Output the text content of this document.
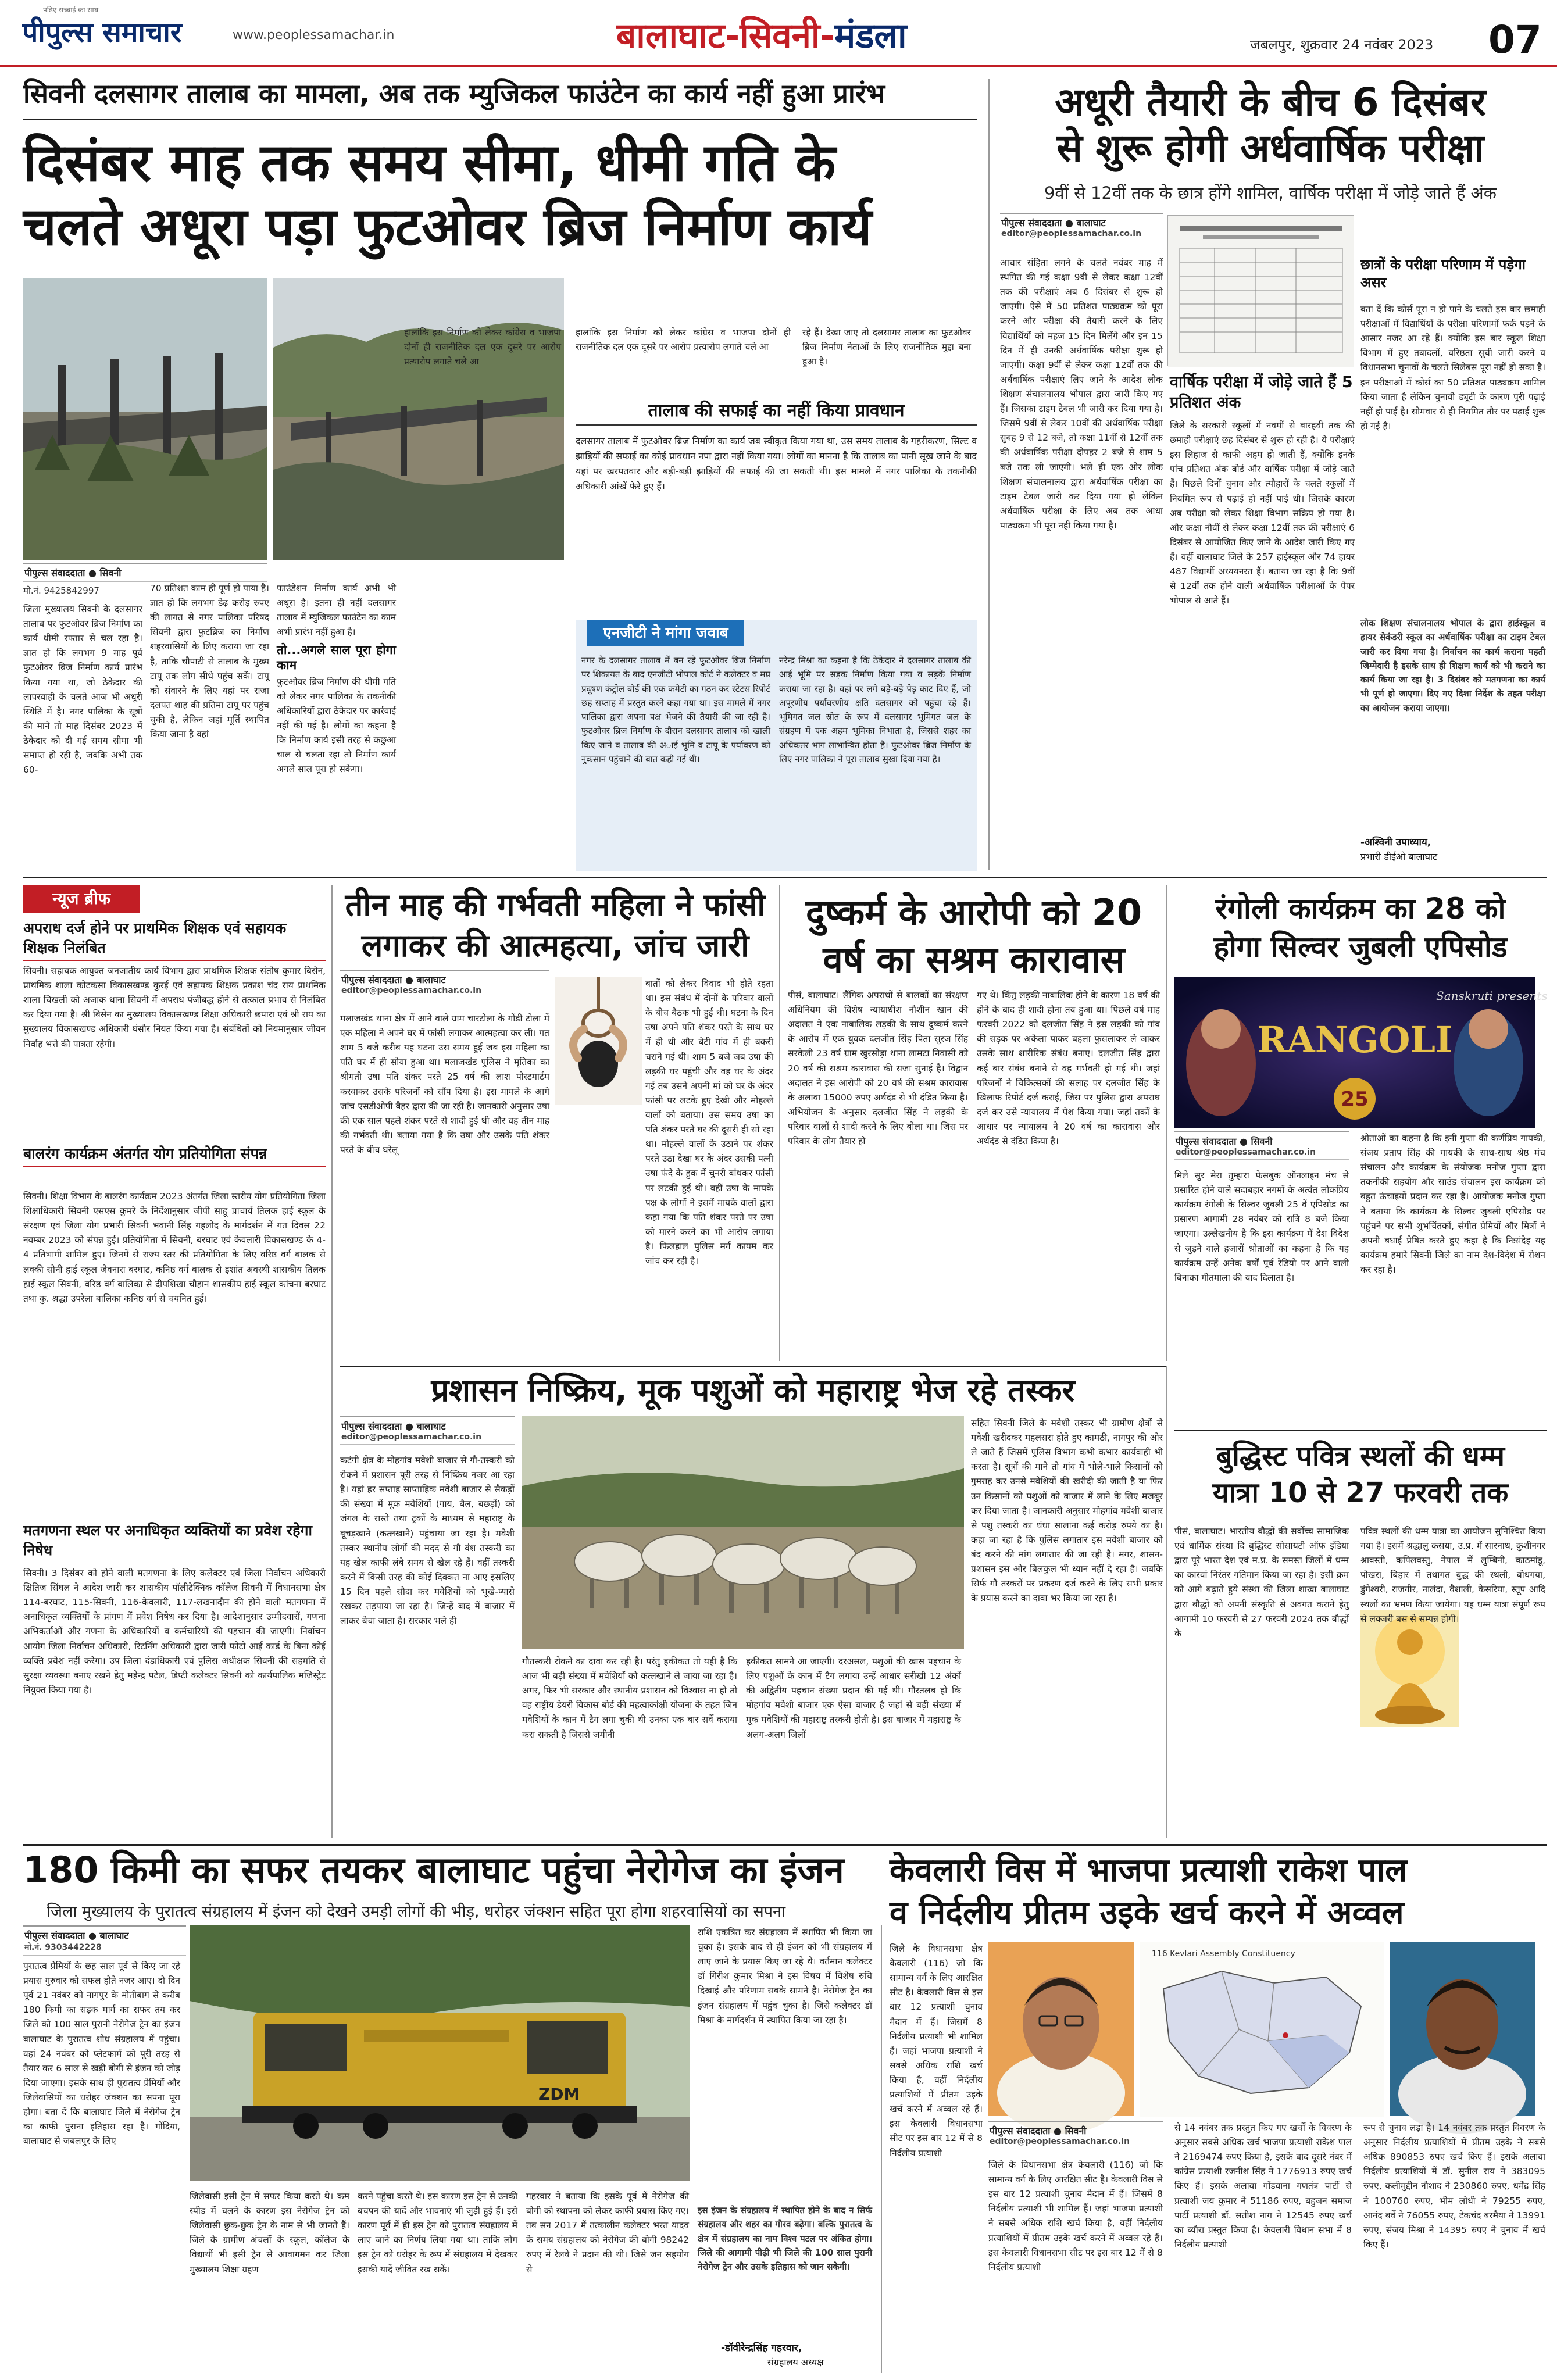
पीपुल्स समाचार
पढ़िए सच्चाई का साथ
www.peoplessamachar.in	बालाघाट-सिवनी-मंडला	जबलपुर, शुक्रवार 24 नवंबर 2023 07
सिवनी दलसागर तालाब का मामला, अब तक म्युजिकल फाउंटेन का कार्य नहीं हुआ प्रारंभ
दिसंबर माह तक समय सीमा, धीमी गति के
चलते अधूरा पड़ा फुटओवर ब्रिज निर्माण कार्य
पीपुल्स संवाददाता ● सिवनी
मो.नं. 9425842997
जिला मुख्यालय सिवनी के दलसागर तालाब पर फुटओवर ब्रिज निर्माण का कार्य धीमी रफ्तार से चल रहा है। ज्ञात हो कि लगभग 9 माह पूर्व फुटओवर ब्रिज निर्माण कार्य प्रारंभ किया गया था, जो ठेकेदार की लापरवाही के चलते आज भी अधूरी स्थिति में है। नगर पालिका के सूत्रों की माने तो माह दिसंबर 2023 में ठेकेदार को दी गई समय सीमा भी समाप्त हो रही है, जबकि अभी तक 60-
70 प्रतिशत काम ही पूर्ण हो पाया है। ज्ञात हो कि लगभग डेढ़ करोड़ रुपए की लागत से नगर पालिका परिषद सिवनी द्वारा फुटब्रिज का निर्माण शहरवासियों के लिए कराया जा रहा है, ताकि चौपाटी से तालाब के मुख्य टापू तक लोग सीधे पहुंच सकें। टापू को संवारने के लिए यहां पर राजा दलपत शाह की प्रतिमा टापू पर पहुंच चुकी है, लेकिन जहां मूर्ति स्थापित किया जाना है वहां

फाउंडेशन निर्माण कार्य अभी भी अधूरा है। इतना ही नहीं दलसागर तालाब में म्युजिकल फाउंटेन का काम अभी प्रारंभ नहीं हुआ है।

तो...अगले साल पूरा होगा काम

फुटओवर ब्रिज निर्माण की धीमी गति को लेकर नगर पालिका के तकनीकी अधिकारियों द्वारा ठेकेदार पर कार्रवाई नहीं की गई है। लोगों का कहना है कि निर्माण कार्य इसी तरह से कछुआ चाल से चलता रहा तो निर्माण कार्य अगले साल पूरा हो सकेगा।

हालांकि इस निर्माण को लेकर कांग्रेस व भाजपा दोनों ही राजनीतिक दल एक दूसरे पर आरोप प्रत्यारोप लगाते चले आ
रहे हैं। देखा जाए तो दलसागर तालाब का फुटओवर ब्रिज निर्माण नेताओं के लिए राजनीतिक मुद्दा बना हुआ है।
हालांकि इस निर्माण को लेकर कांग्रेस व भाजपा दोनों ही राजनीतिक दल एक दूसरे पर आरोप प्रत्यारोप लगाते चले आ
तालाब की सफाई का नहीं किया प्रावधान
दलसागर तालाब में फुटओवर ब्रिज निर्माण का कार्य जब स्वीकृत किया गया था, उस समय तालाब के गहरीकरण, सिल्ट व झाड़ियों की सफाई का कोई प्रावधान नपा द्वारा नहीं किया गया। लोगों का मानना है कि तालाब का पानी सूख जाने के बाद यहां पर खरपतवार और बड़ी-बड़ी झाड़ियों की सफाई की जा सकती थी। इस मामले में नगर पालिका के तकनीकी अधिकारी आंखें फेरे हुए हैं।
एनजीटी ने मांगा जवाब
नगर के दलसागर तालाब में बन रहे फुटओवर ब्रिज निर्माण पर शिकायत के बाद एनजीटी भोपाल कोर्ट ने कलेक्टर व मप्र प्रदूषण कंट्रोल बोर्ड की एक कमेटी का गठन कर स्टेटस रिपोर्ट छह सप्ताह में प्रस्तुत करने कहा गया था। इस मामले में नगर पालिका द्वारा अपना पक्ष भेजने की तैयारी की जा रही है। फुटओवर ब्रिज निर्माण के दौरान दलसागर तालाब को खाली किए जाने व तालाब की अाई भूमि व टापू के पर्यावरण को नुकसान पहुंचाने की बात कही गई थी।
नरेन्द्र मिश्रा का कहना है कि ठेकेदार ने दलसागर तालाब की आई भूमि पर सड़क निर्माण किया गया व सड़कें निर्माण कराया जा रहा है। वहां पर लगे बड़े-बड़े पेड़ काट दिए हैं, जो अपूरणीय पर्यावरणीय क्षति दलसागर को पहुंचा रहे हैं। भूमिगत जल स्रोत के रूप में दलसागर भूमिगत जल के संग्रहण में एक अहम भूमिका निभाता है, जिससे शहर का अधिकतर भाग लाभान्वित होता है। फुटओवर ब्रिज निर्माण के लिए नगर पालिका ने पूरा तालाब सुखा दिया गया है।
अधूरी तैयारी के बीच 6 दिसंबर
से शुरू होगी अर्धवार्षिक परीक्षा
9वीं से 12वीं तक के छात्र होंगे शामिल, वार्षिक परीक्षा में जोड़े जाते हैं अंक
पीपुल्स संवाददाता ● बालाघाट
editor@peoplessamachar.co.in
आचार संहिता लगने के चलते नवंबर माह में स्थगित की गई कक्षा 9वीं से लेकर कक्षा 12वीं तक की परीक्षाएं अब 6 दिसंबर से शुरू हो जाएगी। ऐसे में 50 प्रतिशत पाठ्यक्रम को पूरा करने और परीक्षा की तैयारी करने के लिए विद्यार्थियों को महज 15 दिन मिलेंगे और इन 15 दिन में ही उनकी अर्धवार्षिक परीक्षा शुरू हो जाएगी। कक्षा 9वीं से लेकर कक्षा 12वीं तक की अर्धवार्षिक परीक्षाएं लिए जाने के आदेश लोक शिक्षण संचालनालय भोपाल द्वारा जारी किए गए हैं। जिसका टाइम टेबल भी जारी कर दिया गया है। जिसमें 9वीं से लेकर 10वीं की अर्धवार्षिक परीक्षा सुबह 9 से 12 बजे, तो कक्षा 11वीं से 12वीं तक की अर्धवार्षिक परीक्षा दोपहर 2 बजे से शाम 5 बजे तक ली जाएगी। भले ही एक ओर लोक शिक्षण संचालनालय द्वारा अर्धवार्षिक परीक्षा का टाइम टेबल जारी कर दिया गया हो लेकिन अर्धवार्षिक परीक्षा के लिए अब तक आधा पाठ्यक्रम भी पूरा नहीं किया गया है।
वार्षिक परीक्षा में जोड़े जाते हैं 5 प्रतिशत अंक
जिले के सरकारी स्कूलों में नवमीं से बारहवीं तक की छमाही परीक्षाएं छह दिसंबर से शुरू हो रही है। ये परीक्षाएं इस लिहाज से काफी अहम हो जाती हैं, क्योंकि इनके पांच प्रतिशत अंक बोर्ड और वार्षिक परीक्षा में जोड़े जाते हैं। पिछले दिनों चुनाव और त्यौहारों के चलते स्कूलों में नियमित रूप से पढ़ाई हो नहीं पाई थी। जिसके कारण अब परीक्षा को लेकर शिक्षा विभाग सक्रिय हो गया है। और कक्षा नौवीं से लेकर कक्षा 12वीं तक की परीक्षाएं 6 दिसंबर से आयोजित किए जाने के आदेश जारी किए गए हैं। वहीं बालाघाट जिले के 257 हाईस्कूल और 74 हायर 487 विद्यार्थी अध्ययनरत हैं। बताया जा रहा है कि 9वीं से 12वीं तक होने वाली अर्धवार्षिक परीक्षाओं के पेपर भोपाल से आते हैं।
छात्रों के परीक्षा परिणाम में पड़ेगा असर
बता दें कि कोर्स पूरा न हो पाने के चलते इस बार छमाही परीक्षाओं में विद्यार्थियों के परीक्षा परिणामों फर्क पड़ने के आसार नजर आ रहे हैं। क्योंकि इस बार स्कूल शिक्षा विभाग में हुए तबादलों, वरिष्ठता सूची जारी करने व विधानसभा चुनावों के चलते सिलेबस पूरा नहीं हो सका है। इन परीक्षाओं में कोर्स का 50 प्रतिशत पाठ्यक्रम शामिल किया जाता है लेकिन चुनावी ड्यूटी के कारण पूरी पढ़ाई नहीं हो पाई है। सोमवार से ही नियमित तौर पर पढ़ाई शुरू हो गई है।
लोक शिक्षण संचालनालय भोपाल के द्वारा हाईस्कूल व हायर सेकंडरी स्कूल का अर्धवार्षिक परीक्षा का टाइम टेबल जारी कर दिया गया है। निर्वाचन का कार्य कराना महती जिम्मेदारी है इसके साथ ही शिक्षण कार्य को भी कराने का कार्य किया जा रहा है। 3 दिसंबर को मतगणना का कार्य भी पूर्ण हो जाएगा। दिए गए दिशा निर्देश के तहत परीक्षा का आयोजन कराया जाएगा।
-अश्विनी उपाध्याय,
प्रभारी डीईओ बालाघाट
न्यूज ब्रीफ
अपराध दर्ज होने पर प्राथमिक शिक्षक एवं सहायक शिक्षक निलंबित
सिवनी। सहायक आयुक्त जनजातीय कार्य विभाग द्वारा प्राथमिक शिक्षक संतोष कुमार बिसेन, प्राथमिक शाला कोटकसा विकासखण्ड कुरई एवं सहायक शिक्षक प्रकाश चंद राय प्राथमिक शाला चिखली को अजाक थाना सिवनी में अपराध पंजीबद्ध होने से तत्काल प्रभाव से निलंबित कर दिया गया है। श्री बिसेन का मुख्यालय विकासखण्ड शिक्षा अधिकारी छपारा एवं श्री राय का मुख्यालय विकासखण्ड अधिकारी घंसौर नियत किया गया है। संबंधितों को नियमानुसार जीवन निर्वाह भत्ते की पात्रता रहेगी।
बालरंग कार्यक्रम अंतर्गत योग प्रतियोगिता संपन्न
सिवनी। शिक्षा विभाग के बालरंग कार्यक्रम 2023 अंतर्गत जिला स्तरीय योग प्रतियोगिता जिला शिक्षाधिकारी सिवनी एसएस कुमरे के निर्देशानुसार जीपी साहू प्राचार्य तिलक हाई स्कूल के संरक्षण एवं जिला योग प्रभारी सिवनी भवानी सिंह गहलोद के मार्गदर्शन में गत दिवस 22 नवम्बर 2023 को संपन्न हुई। प्रतियोगिता में सिवनी, बरघाट एवं केवलारी विकासखण्ड के 4-4 प्रतिभागी शामिल हुए। जिनमें से राज्य स्तर की प्रतियोगिता के लिए वरिष्ठ वर्ग बालक से लक्की सोनी हाई स्कूल जेवनारा बरघाट, कनिष्ठ वर्ग बालक से इशांत अवस्थी शासकीय तिलक हाई स्कूल सिवनी, वरिष्ठ वर्ग बालिका से दीपशिखा चौहान शासकीय हाई स्कूल कांचना बरघाट तथा कु. श्रद्धा उपरेला बालिका कनिष्ठ वर्ग से चयनित हुई।
मतगणना स्थल पर अनाधिकृत व्यक्तियों का प्रवेश रहेगा निषेध
सिवनी। 3 दिसंबर को होने वाली मतगणना के लिए कलेक्टर एवं जिला निर्वाचन अधिकारी क्षितिज सिंघल ने आदेश जारी कर शासकीय पॉलीटेक्निक कॉलेज सिवनी में विधानसभा क्षेत्र 114-बरघाट, 115-सिवनी, 116-केवलारी, 117-लखनादौन की होने वाली मतगणना में अनाधिकृत व्यक्तियों के प्रांगण में प्रवेश निषेध कर दिया है। आदेशानुसार उम्मीदवारों, गणना अभिकर्ताओं और गणना के अधिकारियों व कर्मचारियों की पहचान की जाएगी। निर्वाचन आयोग जिला निर्वाचन अधिकारी, रिटर्निंग अधिकारी द्वारा जारी फोटो आई कार्ड के बिना कोई व्यक्ति प्रवेश नहीं करेगा। उप जिला दंडाधिकारी एवं पुलिस अधीक्षक सिवनी की सहमति से सुरक्षा व्यवस्था बनाए रखने हेतु महेन्द्र पटेल, डिप्टी कलेक्टर सिवनी को कार्यपालिक मजिस्ट्रेट नियुक्त किया गया है।
तीन माह की गर्भवती महिला ने फांसी
लगाकर की आत्महत्या, जांच जारी
पीपुल्स संवाददाता ● बालाघाट
editor@peoplessamachar.co.in
मलाजखंड थाना क्षेत्र में आने वाले ग्राम चारटोला के गोंडी टोला में एक महिला ने अपने घर में फांसी लगाकर आत्महत्या कर ली। गत शाम 5 बजे करीब यह घटना उस समय हुई जब इस महिला का पति घर में ही सोया हुआ था। मलाजखंड पुलिस ने मृतिका का श्रीमती उषा पति शंकर परते 25 वर्ष की लाश पोस्टमार्टम करवाकर उसके परिजनों को सौंप दिया है। इस मामले के आगे जांच एसडीओपी बैहर द्वारा की जा रही है। जानकारी अनुसार उषा की एक साल पहले शंकर परते से शादी हुई थी और वह तीन माह की गर्भवती थी। बताया गया है कि उषा और उसके पति शंकर परते के बीच घरेलू
बातों को लेकर विवाद भी होते रहता था। इस संबंध में दोनों के परिवार वालों के बीच बैठक भी हुई थी। घटना के दिन उषा अपने पति शंकर परते के साथ घर में ही थी और बेटी गांव में ही बकरी चराने गई थी। शाम 5 बजे जब उषा की लड़की घर पहुंची और वह घर के अंदर गई तब उसने अपनी मां को घर के अंदर फांसी पर लटके हुए देखी और मोहल्ले वालों को बताया। उस समय उषा का पति शंकर परते घर की दूसरी ही सो रहा था। मोहल्ले वालों के उठाने पर शंकर परते उठा देखा घर के अंदर उसकी पत्नी उषा फंदे के हुक में चुनरी बांधकर फांसी पर लटकी हुई थी। वहीं उषा के मायके पक्ष के लोगों ने इसमें मायके वालों द्वारा कहा गया कि पति शंकर परते पर उषा को मारने करने का भी आरोप लगाया है। फिलहाल पुलिस मर्ग कायम कर जांच कर रही है।
दुष्कर्म के आरोपी को 20
वर्ष का सश्रम कारावास
पीसं, बालाघाट। लैंगिक अपराधों से बालकों का संरक्षण अधिनियम की विशेष न्यायाधीश नौशीन खान की अदालत ने एक नाबालिक लड़की के साथ दुष्कर्म करने के आरोप में एक युवक दलजीत सिंह पिता सूरज सिंह सरकेली 23 वर्ष ग्राम खुरसोड़ा थाना लामटा निवासी को 20 वर्ष की सश्रम कारावास की सजा सुनाई है। विद्वान अदालत ने इस आरोपी को 20 वर्ष की सश्रम कारावास के अलावा 15000 रुपए अर्थदंड से भी दंडित किया है। अभियोजन के अनुसार दलजीत सिंह ने लड़की के परिवार वालों से शादी करने के लिए बोला था। जिस पर परिवार के लोग तैयार हो
गए थे। किंतु लड़की नाबालिक होने के कारण 18 वर्ष की होने के बाद ही शादी होना तय हुआ था। पिछले वर्ष माह फरवरी 2022 को दलजीत सिंह ने इस लड़की को गांव की सड़क पर अकेला पाकर बहला फुसलाकर ले जाकर उसके साथ शारीरिक संबंध बनाए। दलजीत सिंह द्वारा कई बार संबंध बनाने से वह गर्भवती हो गई थी। जहां परिजनों ने चिकित्सकों की सलाह पर दलजीत सिंह के खिलाफ रिपोर्ट दर्ज कराई, जिस पर पुलिस द्वारा अपराध दर्ज कर उसे न्यायालय में पेश किया गया। जहां तर्कों के आधार पर न्यायालय ने 20 वर्ष का कारावास और अर्थदंड से दंडित किया है।
रंगोली कार्यक्रम का 28 को
होगा सिल्वर जुबली एपिसोड
25
RANGOLI
Sanskruti presents
पीपुल्स संवाददाता ● सिवनी
editor@peoplessamachar.co.in
मिले सुर मेरा तुम्हारा फेसबुक ऑनलाइन मंच से प्रसारित होने वाले सदाबहार नगमों के अत्यंत लोकप्रिय कार्यक्रम रंगोली के सिल्वर जुबली 25 वें एपिसोड का प्रसारण आगामी 28 नवंबर को रात्रि 8 बजे किया जाएगा। उल्लेखनीय है कि इस कार्यक्रम में देश विदेश से जुड़ने वाले हजारों श्रोताओं का कहना है कि यह कार्यक्रम उन्हें अनेक वर्षों पूर्व रेडियो पर आने वाली बिनाका गीतमाला की याद दिलाता है।
श्रोताओं का कहना है कि इनी गुप्ता की कर्णप्रिय गायकी, संजय प्रताप सिंह की गायकी के साथ-साथ श्रेष्ठ मंच संचालन और कार्यक्रम के संयोजक मनोज गुप्ता द्वारा तकनीकी सहयोग और साउंड संचालन इस कार्यक्रम को बहुत ऊंचाइयों प्रदान कर रहा है। आयोजक मनोज गुप्ता ने बताया कि कार्यक्रम के सिल्वर जुबली एपिसोड पर पहुंचने पर सभी शुभचिंतकों, संगीत प्रेमियों और मित्रों ने अपनी बधाई प्रेषित करते हुए कहा है कि निःसंदेह यह कार्यक्रम हमारे सिवनी जिले का नाम देश-विदेश में रोशन कर रहा है।
प्रशासन निष्क्रिय, मूक पशुओं को महाराष्ट्र भेज रहे तस्कर
पीपुल्स संवाददाता ● बालाघाट
editor@peoplessamachar.co.in
कटंगी क्षेत्र के मोहगांव मवेशी बाजार से गौ-तस्करी को रोकने में प्रशासन पूरी तरह से निष्क्रिय नजर आ रहा है। यहां हर सप्ताह साप्ताहिक मवेशी बाजार से सैकड़ों की संख्या में मूक मवेशियों (गाय, बैल, बछड़ों) को जंगल के रास्ते तथा ट्रकों के माध्यम से महाराष्ट्र के बूचड़खाने (कत्लखाने) पहुंचाया जा रहा है। मवेशी तस्कर स्थानीय लोगों की मदद से गौ वंश तस्करी का यह खेल काफी लंबे समय से खेल रहे हैं। वहीं तस्करी करने में किसी तरह की कोई दिक्कत ना आए इसलिए 15 दिन पहले सौदा कर मवेशियों को भूखे-प्यासे रखकर तड़पाया जा रहा है। जिन्हें बाद में बाजार में लाकर बेचा जाता है। सरकार भले ही
गौतस्करी रोकने का दावा कर रही है। परंतु हकीकत तो यही है कि आज भी बड़ी संख्या में मवेशियों को कत्लखाने ले जाया जा रहा है। अगर, फिर भी सरकार और स्थानीय प्रशासन को विश्वास ना हो तो वह राष्ट्रीय डेयरी विकास बोर्ड की महत्वाकांक्षी योजना के तहत जिन मवेशियों के कान में टैग लगा चुकी थी उनका एक बार सर्वे कराया करा सकती है जिससे जमीनी
हकीकत सामने आ जाएगी। दरअसल, पशुओं की खास पहचान के लिए पशुओं के कान में टैग लगाया उन्हें आधार सरीखी 12 अंकों की अद्वितीय पहचान संख्या प्रदान की गई थी। गौरतलब हो कि मोहगांव मवेशी बाजार एक ऐसा बाजार है जहां से बड़ी संख्या में मूक मवेशियों की महाराष्ट्र तस्करी होती है। इस बाजार में महाराष्ट्र के अलग-अलग जिलों
सहित सिवनी जिले के मवेशी तस्कर भी ग्रामीण क्षेत्रों से मवेशी खरीदकर महलसरा होते हुए कामठी, नागपुर की ओर ले जाते हैं जिसमें पुलिस विभाग कभी कभार कार्यवाही भी करता है। सूत्रों की माने तो गांव में भोले-भाले किसानों को गुमराह कर उनसे मवेशियों की खरीदी की जाती है या फिर उन किसानों को पशुओं को बाजार में लाने के लिए मजबूर कर दिया जाता है। जानकारी अनुसार मोहगांव मवेशी बाजार से पशु तस्करी का धंधा सालाना कई करोड़ रुपये का है। कहा जा रहा है कि पुलिस लगातार इस मवेशी बाजार को बंद करने की मांग लगातार की जा रही है। मगर, शासन-प्रशासन इस ओर बिलकुल भी ध्यान नहीं दे रहा है। जबकि सिर्फ गौ तस्करों पर प्रकरण दर्ज करने के लिए सभी प्रकार के प्रयास करने का दावा भर किया जा रहा है।
बुद्धिस्ट पवित्र स्थलों की धम्म
यात्रा 10 से 27 फरवरी तक
पीसं, बालाघाट। भारतीय बौद्धों की सर्वोच्च सामाजिक एवं धार्मिक संस्था दि बुद्धिस्ट सोसायटी ऑफ इंडिया द्वारा पूरे भारत देश एवं म.प्र. के समस्त जिलों में धम्म का कारवां निरंतर गतिमान किया जा रहा है। इसी क्रम को आगे बढ़ाते हुये संस्था की जिला शाखा बालाघाट द्वारा बौद्धों को अपनी संस्कृति से अवगत कराने हेतु आगामी 10 फरवरी से 27 फरवरी 2024 तक बौद्धों के
पवित्र स्थलों की धम्म यात्रा का आयोजन सुनिश्चित किया गया है। इसमें श्रद्धालु कसया, उ.प्र. में सारनाथ, कुशीनगर श्रावस्ती, कपिलवस्तु, नेपाल में लुम्बिनी, काठमांडू, पोखरा, बिहार में तथागत बुद्ध की स्थली, बोधगया, डुंगेश्वरी, राजगीर, नालंदा, वैशाली, केसरिया, स्तूप आदि स्थलों का भ्रमण किया जायेगा। यह धम्म यात्रा संपूर्ण रूप से लक्जरी बस से सम्पन्न होगी।
180 किमी का सफर तयकर बालाघाट पहुंचा नेरोगेज का इंजन
जिला मुख्यालय के पुरातत्व संग्रहालय में इंजन को देखने उमड़ी लोगों की भीड़, धरोहर जंक्शन सहित पूरा होगा शहरवासियों का सपना
पीपुल्स संवाददाता ● बालाघाट
मो.नं. 9303442228
पुरातत्व प्रेमियों के छह साल पूर्व से किए जा रहे प्रयास गुरुवार को सफल होते नजर आए। दो दिन पूर्व 21 नवंबर को नागपुर के मोतीबाग से करीब 180 किमी का सड़क मार्ग का सफर तय कर जिले को 100 साल पुरानी नेरोगेज ट्रेन का इंजन बालाघाट के पुरातत्व शोध संग्रहालय में पहुंचा। वहां 24 नवंबर को प्लेटफार्म को पूरी तरह से तैयार कर 6 साल से खड़ी बोगी से इंजन को जोड़ दिया जाएगा। इसके साथ ही पुरातत्व प्रेमियों और जिलेवासियों का धरोहर जंक्शन का सपना पूरा होगा। बता दें कि बालाघाट जिले में नेरोगेज ट्रेन का काफी पुराना इतिहास रहा है। गोंदिया, बालाघाट से जबलपुर के लिए
ZDM
जिलेवासी इसी ट्रेन में सफर किया करते थे। कम स्पीड में चलने के कारण इस नेरोगेज ट्रेन को जिलेवासी छुक-छुक ट्रेन के नाम से भी जानते हैं। जिले के ग्रामीण अंचलों के स्कूल, कॉलेज के विद्यार्थी भी इसी ट्रेन से आवागमन कर जिला मुख्यालय शिक्षा ग्रहण
करने पहुंचा करते थे। इस कारण इस ट्रेन से उनकी बचपन की यादें और भावनाएं भी जुड़ी हुई हैं। इसे कारण पूर्व में ही इस ट्रेन को पुरातत्व संग्रहालय में लाए जाने का निर्णय लिया गया था। ताकि लोग इस ट्रेन को धरोहर के रूप में संग्रहालय में देखकर इसकी यादें जीवित रख सकें।
गहरवार ने बताया कि इसके पूर्व में नेरोगेज की बोगी को स्थापना को लेकर काफी प्रयास किए गए। तब सन 2017 में तत्कालीन कलेक्टर भरत यादव के समय संग्रहालय को नेरोगेज की बोगी 98242 रुपए में रेलवे ने प्रदान की थी। जिसे जन सहयोग से
राशि एकत्रित कर संग्रहालय में स्थापित भी किया जा चुका है। इसके बाद से ही इंजन को भी संग्रहालय में लाए जाने के प्रयास किए जा रहे थे। वर्तमान कलेक्टर डॉ गिरीश कुमार मिश्रा ने इस विषय में विशेष रुचि दिखाई और परिणाम सबके सामने है। नेरोगेज ट्रेन का इंजन संग्रहालय में पहुंच चुका है। जिसे कलेक्टर डॉ मिश्रा के मार्गदर्शन में स्थापित किया जा रहा है।
इस इंजन के संग्रहालय में स्थापित होने के बाद न सिर्फ संग्रहालय और शहर का गौरव बढ़ेगा। बल्कि पुरातत्व के क्षेत्र में संग्रहालय का नाम विश्व पटल पर अंकित होगा। जिले की आगामी पीढ़ी भी जिले की 100 साल पुरानी नेरोगेज ट्रेन और उसके इतिहास को जान सकेगी।
-डॉवीरेन्द्रसिंह गहरवार,
संग्रहालय अध्यक्ष
केवलारी विस में भाजपा प्रत्याशी राकेश पाल
व निर्दलीय प्रीतम उइके खर्च करने में अव्वल
116 Kevlari Assembly Constituency
पीपुल्स संवाददाता ● सिवनी
editor@peoplessamachar.co.in
जिले के विधानसभा क्षेत्र केवलारी (116) जो कि सामान्य वर्ग के लिए आरक्षित सीट है। केवलारी विस से इस बार 12 प्रत्याशी चुनाव मैदान में हैं। जिसमें 8 निर्दलीय प्रत्याशी भी शामिल हैं। जहां भाजपा प्रत्याशी ने सबसे अधिक राशि खर्च किया है, वहीं निर्दलीय प्रत्याशियों में प्रीतम उइके खर्च करने में अव्वल रहे हैं। इस केवलारी विधानसभा सीट पर इस बार 12 में से 8 निर्दलीय प्रत्याशी
से 14 नवंबर तक प्रस्तुत किए गए खर्चों के विवरण के अनुसार सबसे अधिक खर्च भाजपा प्रत्याशी राकेश पाल ने 2169474 रुपए किया है, इसके बाद दूसरे नंबर में कांग्रेस प्रत्याशी रजनीश सिंह ने 1776913 रुपए खर्च किए हैं। इसके अलावा गोंडवाना गणतंत्र पार्टी से प्रत्याशी जय कुमार ने 51186 रुपए, बहुजन समाज पार्टी प्रत्याशी डॉ. सतीश नाग ने 12545 रुपए खर्च का ब्यौरा प्रस्तुत किया है। केवलारी विधान सभा में 8 निर्दलीय प्रत्याशी
रूप से चुनाव लड़ा है। 14 नवंबर तक प्रस्तुत विवरण के अनुसार निर्दलीय प्रत्याशियों में प्रीतम उइके ने सबसे अधिक 890853 रुपए खर्च किए हैं। इसके अलावा निर्दलीय प्रत्याशियों में डॉ. सुनील राय ने 383095 रुपए, कलीमुद्दीन नौशाद ने 230860 रुपए, धर्मेंद्र सिंह ने 100760 रुपए, भीम लोधी ने 79255 रुपए, आनंद बर्वे ने 76055 रुपए, टेकचंद बरमैया ने 13991 रुपए, संजय मिश्रा ने 14395 रुपए ने चुनाव में खर्च किए हैं।
जिले के विधानसभा क्षेत्र केवलारी (116) जो कि सामान्य वर्ग के लिए आरक्षित सीट है। केवलारी विस से इस बार 12 प्रत्याशी चुनाव मैदान में हैं। जिसमें 8 निर्दलीय प्रत्याशी भी शामिल हैं। जहां भाजपा प्रत्याशी ने सबसे अधिक राशि खर्च किया है, वहीं निर्दलीय प्रत्याशियों में प्रीतम उइके खर्च करने में अव्वल रहे हैं। इस केवलारी विधानसभा सीट पर इस बार 12 में से 8 निर्दलीय प्रत्याशी
